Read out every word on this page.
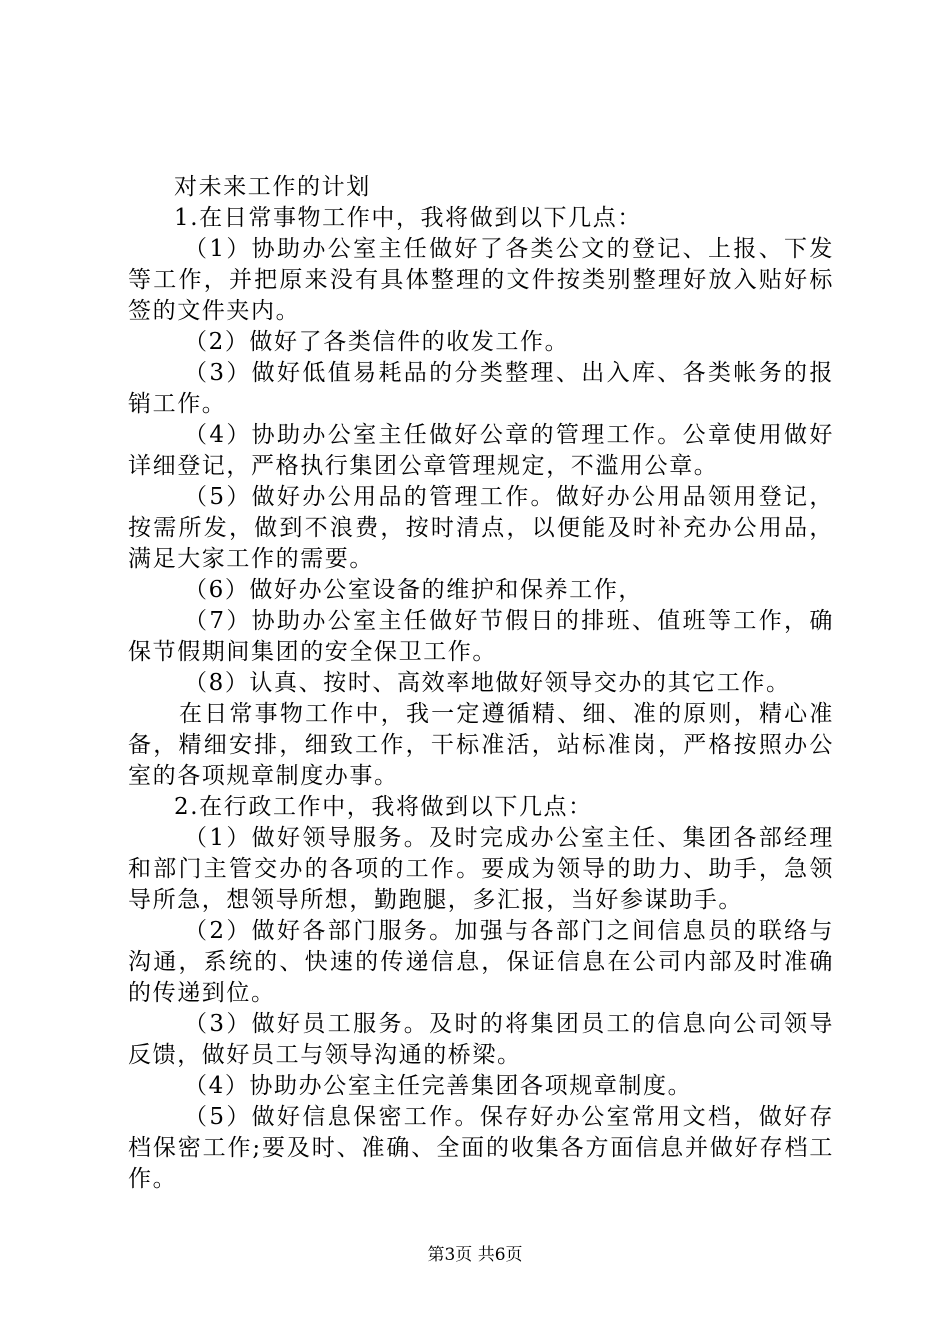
对未来工作的计划

1.在日常事物工作中，我将做到以下几点：

（1）协助办公室主任做好了各类公文的登记、上报、下发等工作，并把原来没有具体整理的文件按类别整理好放入贴好标签的文件夹内。

（2）做好了各类信件的收发工作。

（3）做好低值易耗品的分类整理、出入库、各类帐务的报销工作。

（4）协助办公室主任做好公章的管理工作。公章使用做好详细登记，严格执行集团公章管理规定，不滥用公章。

（5）做好办公用品的管理工作。做好办公用品领用登记，按需所发，做到不浪费，按时清点，以便能及时补充办公用品，满足大家工作的需要。

（6）做好办公室设备的维护和保养工作，

（7）协助办公室主任做好节假日的排班、值班等工作，确保节假期间集团的安全保卫工作。

（8）认真、按时、高效率地做好领导交办的其它工作。

在日常事物工作中，我一定遵循精、细、准的原则，精心准备，精细安排，细致工作，干标准活，站标准岗，严格按照办公室的各项规章制度办事。

2.在行政工作中，我将做到以下几点：

（1）做好领导服务。及时完成办公室主任、集团各部经理和部门主管交办的各项的工作。要成为领导的助力、助手，急领导所急，想领导所想，勤跑腿，多汇报，当好参谋助手。

（2）做好各部门服务。加强与各部门之间信息员的联络与沟通，系统的、快速的传递信息，保证信息在公司内部及时准确的传递到位。

（3）做好员工服务。及时的将集团员工的信息向公司领导反馈，做好员工与领导沟通的桥梁。

（4）协助办公室主任完善集团各项规章制度。

（5）做好信息保密工作。保存好办公室常用文档，做好存档保密工作;要及时、准确、全面的收集各方面信息并做好存档工作。

第3页 共6页
